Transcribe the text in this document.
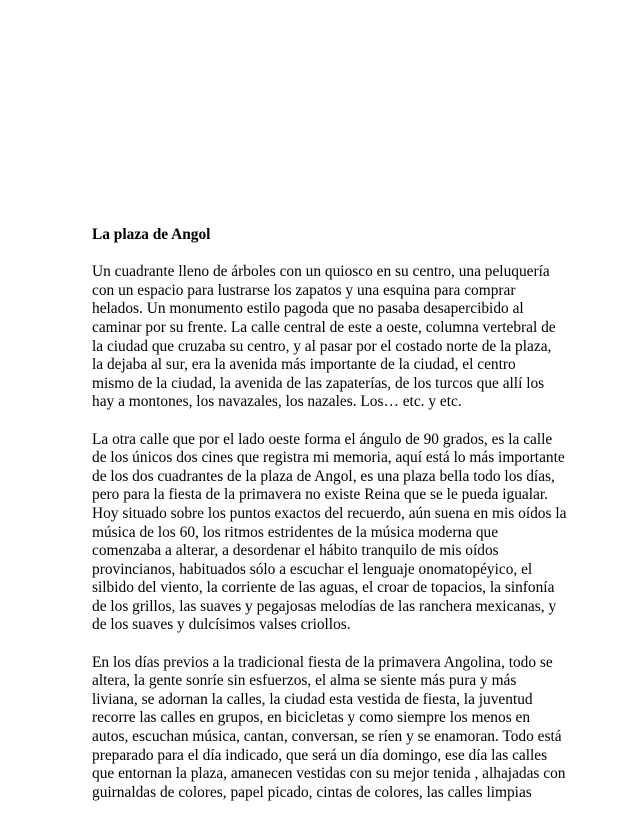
La plaza de Angol
Un cuadrante lleno de árboles con un quiosco en su centro, una peluquería
con un espacio para lustrarse los zapatos y una esquina para comprar
helados. Un monumento estilo pagoda que no pasaba desapercibido al
caminar por su frente. La calle central de este a oeste, columna vertebral de
la ciudad que cruzaba su centro, y al pasar por el costado norte de la plaza,
la dejaba al sur, era la avenida más importante de la ciudad, el centro
mismo de la ciudad, la avenida de las zapaterías, de los turcos que allí los
hay a montones, los navazales, los nazales. Los… etc. y etc.
La otra calle que por el lado oeste forma el ángulo de 90 grados, es la calle
de los únicos dos cines que registra mi memoria, aquí está lo más importante
de los dos cuadrantes de la plaza de Angol, es una plaza bella todo los días,
pero para la fiesta de la primavera no existe Reina que se le pueda igualar.
Hoy situado sobre los puntos exactos del recuerdo, aún suena en mis oídos la
música de los 60, los ritmos estridentes de la música moderna que
comenzaba a alterar, a desordenar el hábito tranquilo de mis oídos
provincianos, habituados sólo a escuchar el lenguaje onomatopéyico, el
silbido del viento, la corriente de las aguas, el croar de topacios, la sinfonía
de los grillos, las suaves y pegajosas melodías de las ranchera mexicanas, y
de los suaves y dulcísimos valses criollos.
En los días previos a la tradicional fiesta de la primavera Angolina, todo se
altera, la gente sonríe sin esfuerzos, el alma se siente más pura y más
liviana, se adornan la calles, la ciudad esta vestida de fiesta, la juventud
recorre las calles en grupos, en bicicletas y como siempre los menos en
autos, escuchan música, cantan, conversan, se ríen y se enamoran. Todo está
preparado para el día indicado, que será un día domingo, ese día las calles
que entornan la plaza, amanecen vestidas con su mejor tenida , alhajadas con
guirnaldas de colores, papel picado, cintas de colores, las calles limpias
